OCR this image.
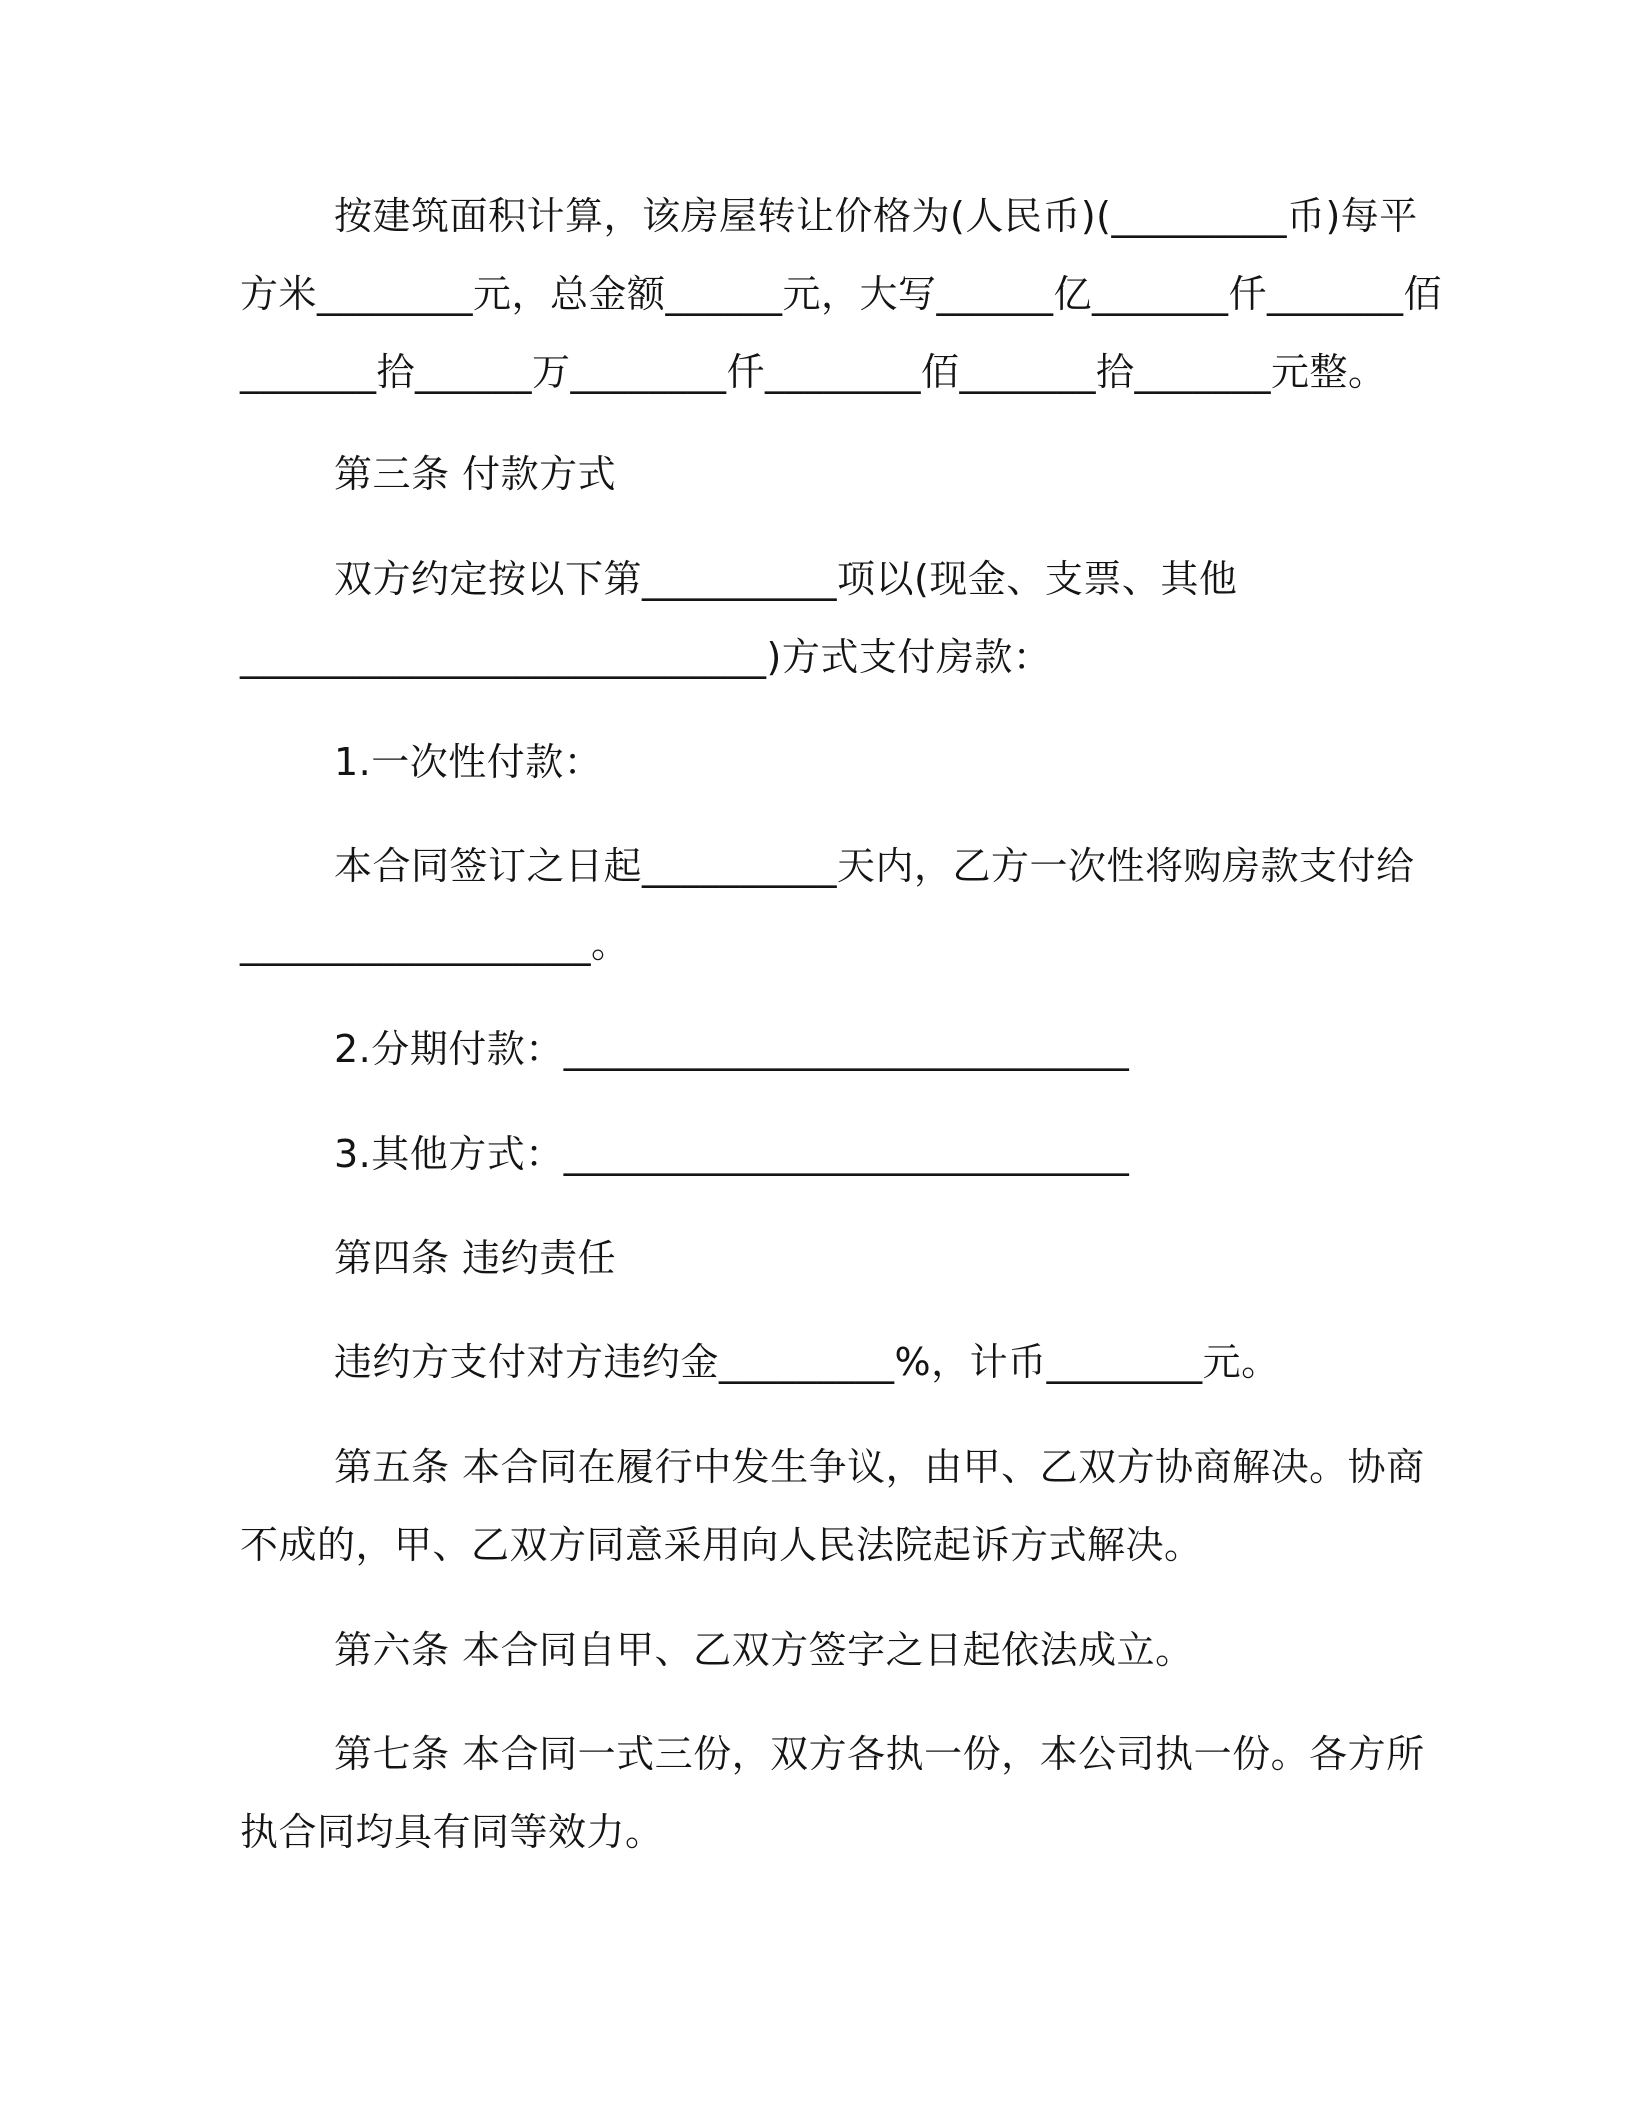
按建筑面积计算，该房屋转让价格为(人民币)(_________币)每平
方米________元，总金额______元，大写______亿_______仟_______佰
_______拾______万________仟________佰_______拾_______元整。
第三条 付款方式
双方约定按以下第__________项以(现金、支票、其他
___________________________)方式支付房款：
1.一次性付款：
本合同签订之日起__________天内，乙方一次性将购房款支付给
__________________。
2.分期付款：_____________________________
3.其他方式：_____________________________
第四条 违约责任
违约方支付对方违约金_________%，计币________元。
第五条 本合同在履行中发生争议，由甲、乙双方协商解决。协商
不成的，甲、乙双方同意采用向人民法院起诉方式解决。
第六条 本合同自甲、乙双方签字之日起依法成立。
第七条 本合同一式三份，双方各执一份，本公司执一份。各方所
执合同均具有同等效力。
